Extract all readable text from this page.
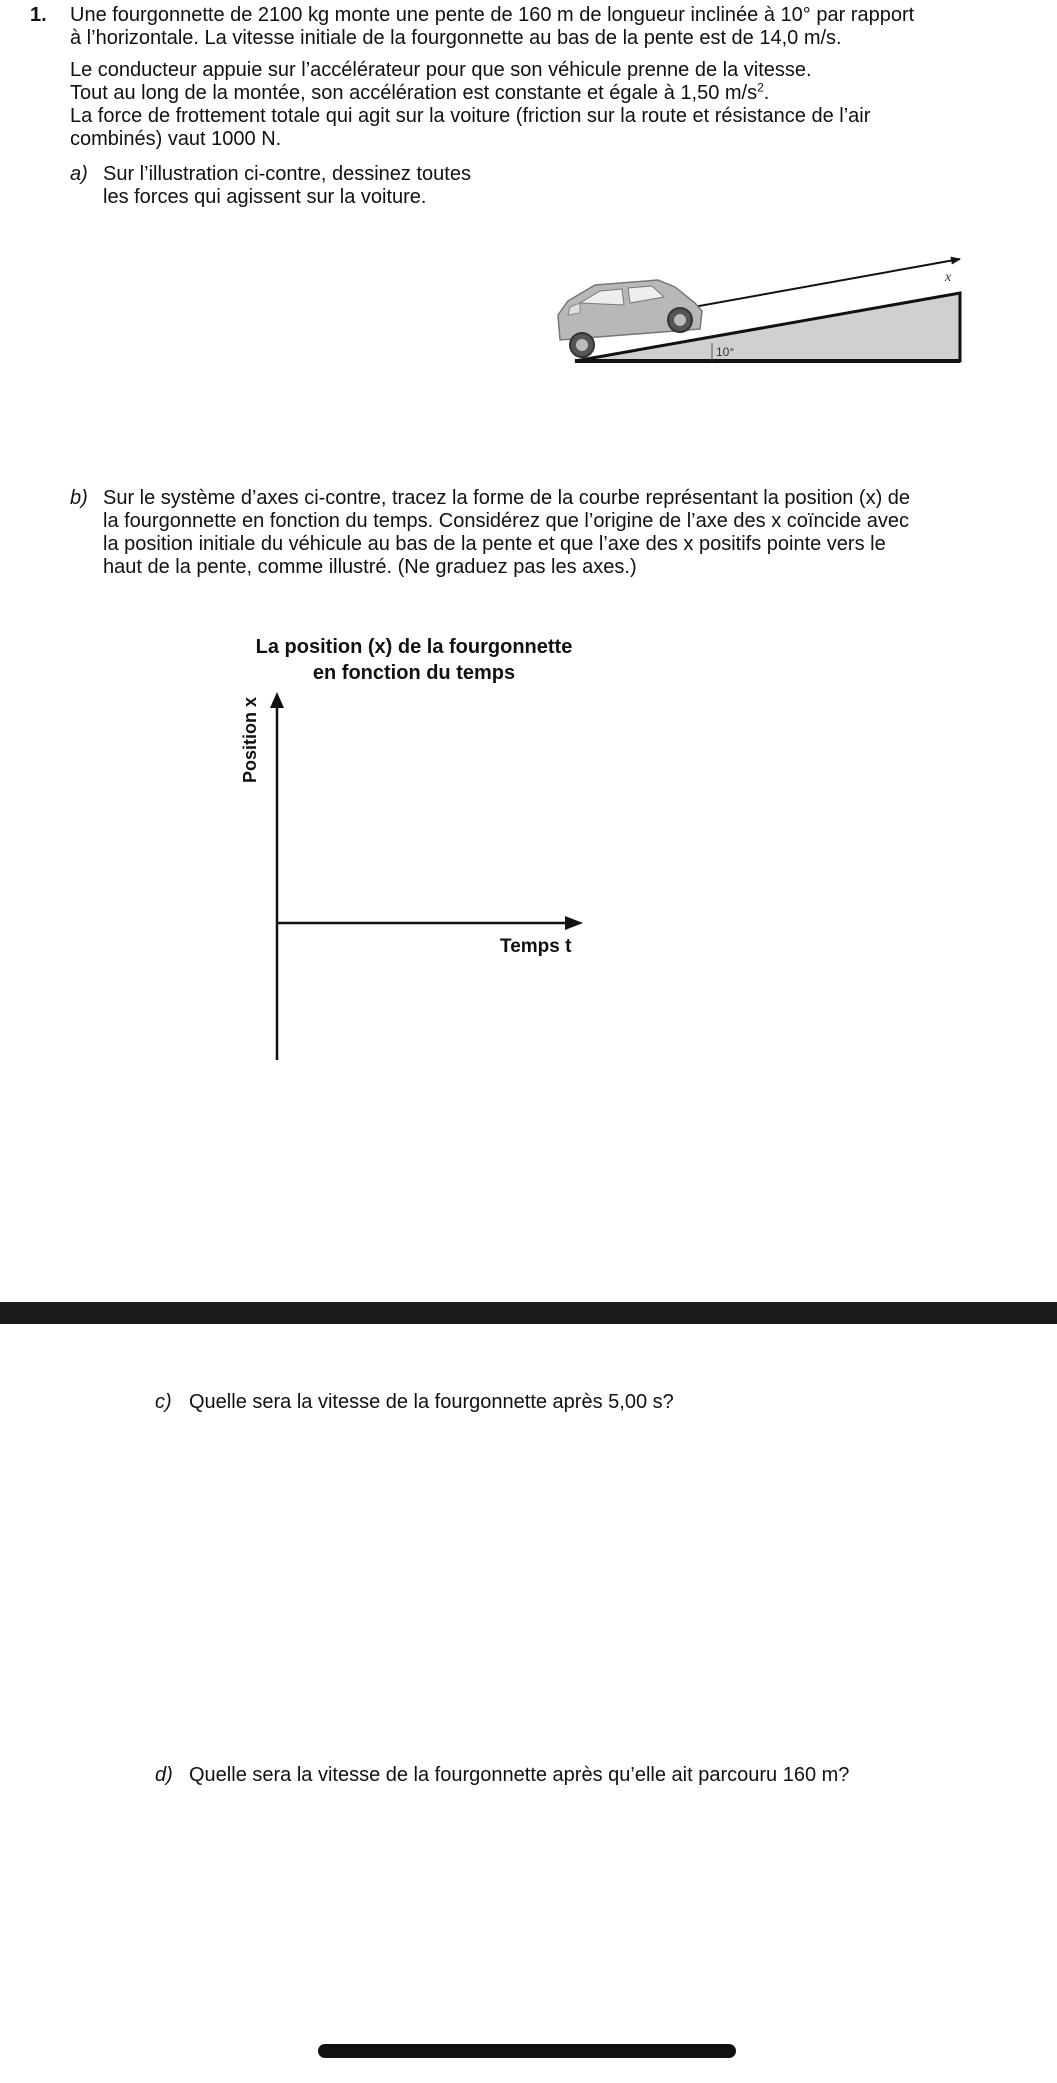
1. Une fourgonnette de 2100 kg monte une pente de 160 m de longueur inclinée à 10° par rapport
à l’horizontale. La vitesse initiale de la fourgonnette au bas de la pente est de 14,0 m/s.
Le conducteur appuie sur l’accélérateur pour que son véhicule prenne de la vitesse.
Tout au long de la montée, son accélération est constante et égale à 1,50 $m/s^2$.
La force de frottement totale qui agit sur la voiture (friction sur la route et résistance de l’air
combinés) vaut 1000 N.
a) Sur l’illustration ci-contre, dessinez toutes
les forces qui agissent sur la voiture.
x
10°
b) Sur le système d’axes ci-contre, tracez la forme de la courbe représentant la position (x) de
la fourgonnette en fonction du temps. Considérez que l’origine de l’axe des x coïncide avec
la position initiale du véhicule au bas de la pente et que l’axe des x positifs pointe vers le
haut de la pente, comme illustré. (Ne graduez pas les axes.)
La position (x) de la fourgonnette
en fonction du temps
Position x
Temps t
c) Quelle sera la vitesse de la fourgonnette après 5,00 s?
d) Quelle sera la vitesse de la fourgonnette après qu’elle ait parcouru 160 m?
